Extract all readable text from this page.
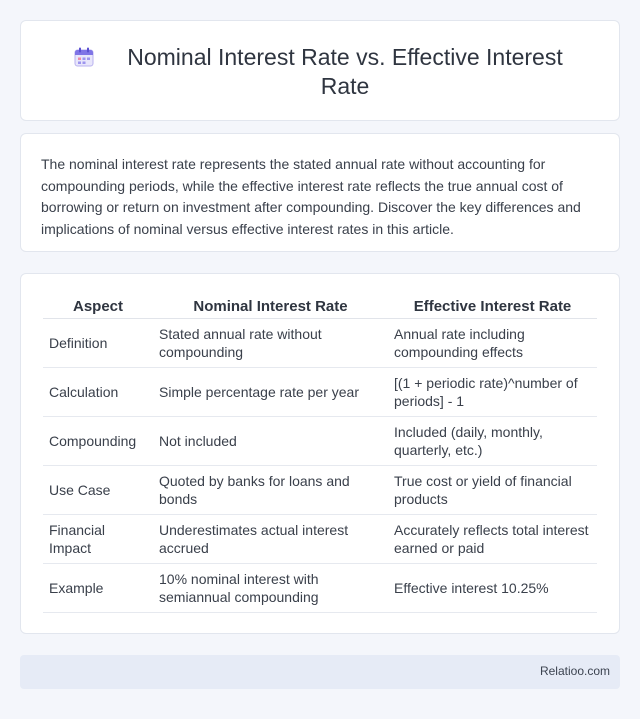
Nominal Interest Rate vs. Effective Interest Rate

The nominal interest rate represents the stated annual rate without accounting for compounding periods, while the effective interest rate reflects the true annual cost of borrowing or return on investment after compounding. Discover the key differences and implications of nominal versus effective interest rates in this article.

Aspect	Nominal Interest Rate	Effective Interest Rate
Definition	Stated annual rate without compounding	Annual rate including compounding effects
Calculation	Simple percentage rate per year	[(1 + periodic rate)^number of periods] - 1
Compounding	Not included	Included (daily, monthly, quarterly, etc.)
Use Case	Quoted by banks for loans and bonds	True cost or yield of financial products
Financial Impact	Underestimates actual interest accrued	Accurately reflects total interest earned or paid
Example	10% nominal interest with semiannual compounding	Effective interest 10.25%
Relatioo.com
